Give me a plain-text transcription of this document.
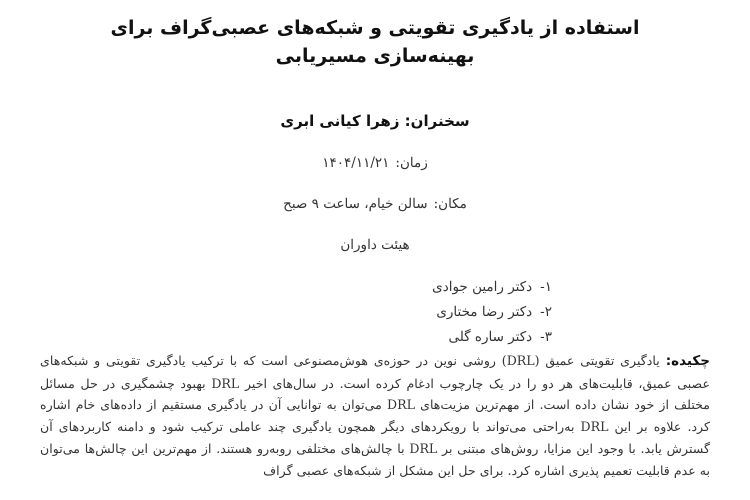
استفاده از یادگیری تقویتی و شبکه‌های عصبی‌گراف برای بهینه‌سازی مسیریابی
سخنران: زهرا کیانی ابری
زمان:۱۴۰۴/۱۱/۲۱
مکان:سالن خیام، ساعت ۹ صبح
هیئت داوران
۱-دکتر رامین جوادی
۲-دکتر رضا مختاری
۳-دکتر ساره گلی
چکیده:یادگیری تقویتی عمیق (DRL) روشی نوین در حوزه‌ی هوش‌مصنوعی است که با ترکیب یادگیری تقویتی و شبکه‌های عصبی عمیق، قابلیت‌های هر دو را در یک چارچوب ادغام کرده است. در سال‌های اخیر DRL بهبود چشمگیری در حل مسائل مختلف از خود نشان داده است. از مهم‌ترین مزیت‌های DRL می‌توان به توانایی آن در یادگیری مستقیم از داده‌های خام اشاره کرد. علاوه بر این DRL به‌راحتی می‌تواند با رویکردهای دیگر همچون یادگیری چند عاملی ترکیب شود و دامنه کاربردهای آن گسترش یابد. با وجود این مزایا، روش‌های مبتنی بر DRL با چالش‌های مختلفی روبه‌رو هستند. از مهم‌ترین این چالش‌ها می‌توان به عدم قابلیت تعمیم پذیری اشاره کرد. برای حل این مشکل از شبکه‌های عصبی گراف
